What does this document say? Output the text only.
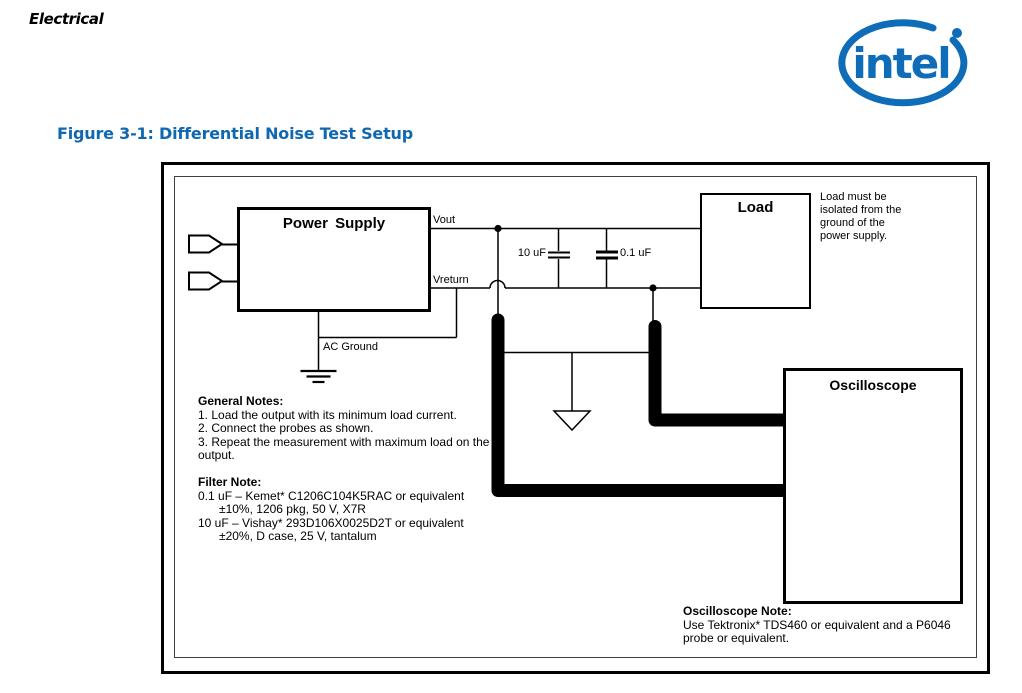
Electrical
intel
Figure 3-1: Differential Noise Test Setup
Power Supply
Load
Oscilloscope
Vout
Vreturn
AC Ground
10 uF	0.1 uF
Load must be
isolated from the
ground of the
power supply.
General Notes:
1. Load the output with its minimum load current.
2. Connect the probes as shown.
3. Repeat the measurement with maximum load on the
output.
Filter Note:
0.1 uF – Kemet* C1206C104K5RAC or equivalent
±10%, 1206 pkg, 50 V, X7R
10 uF – Vishay* 293D106X0025D2T or equivalent
±20%, D case, 25 V, tantalum
Oscilloscope Note:
Use Tektronix* TDS460 or equivalent and a P6046
probe or equivalent.
